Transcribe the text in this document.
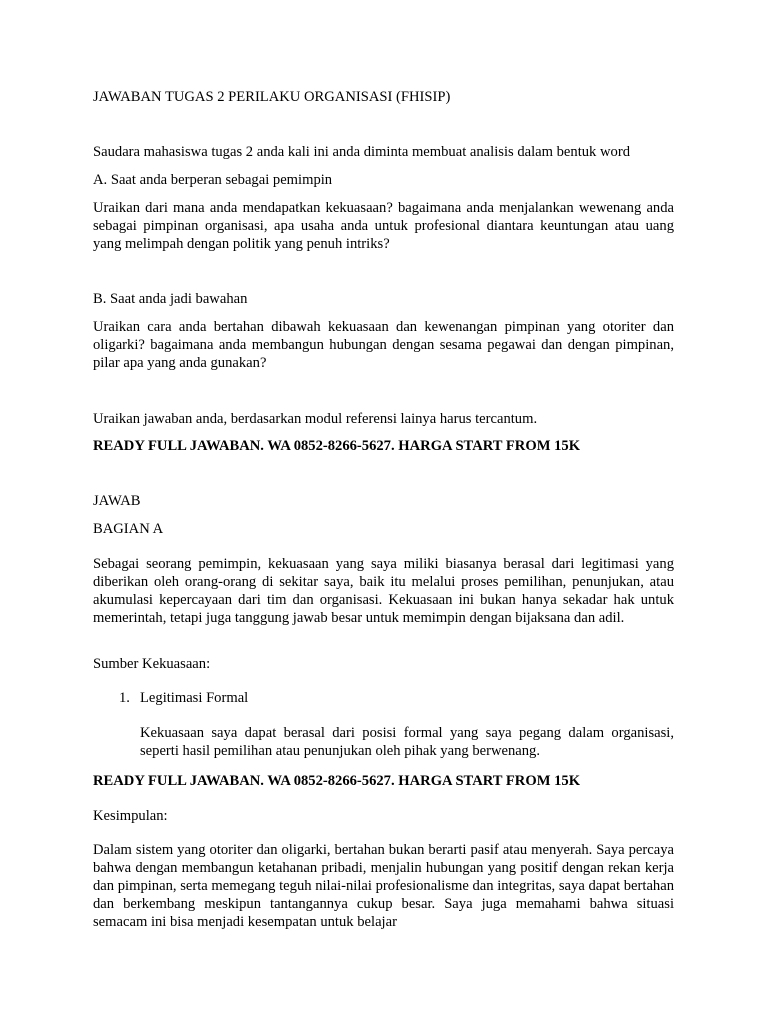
JAWABAN TUGAS 2 PERILAKU ORGANISASI (FHISIP)

Saudara mahasiswa tugas 2 anda kali ini anda diminta membuat analisis dalam bentuk word

A. Saat anda berperan sebagai pemimpin

Uraikan dari mana anda mendapatkan kekuasaan? bagaimana anda menjalankan wewenang anda sebagai pimpinan organisasi, apa usaha anda untuk profesional diantara keuntungan atau uang yang melimpah dengan politik yang penuh intriks?

B. Saat anda jadi bawahan

Uraikan cara anda bertahan dibawah kekuasaan dan kewenangan pimpinan yang otoriter dan oligarki? bagaimana anda membangun hubungan dengan sesama pegawai dan dengan pimpinan, pilar apa yang anda gunakan?

Uraikan jawaban anda, berdasarkan modul referensi lainya harus tercantum.

READY FULL JAWABAN. WA 0852-8266-5627. HARGA START FROM 15K

JAWAB

BAGIAN A

Sebagai seorang pemimpin, kekuasaan yang saya miliki biasanya berasal dari legitimasi yang diberikan oleh orang-orang di sekitar saya, baik itu melalui proses pemilihan, penunjukan, atau akumulasi kepercayaan dari tim dan organisasi. Kekuasaan ini bukan hanya sekadar hak untuk memerintah, tetapi juga tanggung jawab besar untuk memimpin dengan bijaksana dan adil.

Sumber Kekuasaan:

1. Legitimasi Formal

Kekuasaan saya dapat berasal dari posisi formal yang saya pegang dalam organisasi, seperti hasil pemilihan atau penunjukan oleh pihak yang berwenang.

READY FULL JAWABAN. WA 0852-8266-5627. HARGA START FROM 15K

Kesimpulan:

Dalam sistem yang otoriter dan oligarki, bertahan bukan berarti pasif atau menyerah. Saya percaya bahwa dengan membangun ketahanan pribadi, menjalin hubungan yang positif dengan rekan kerja dan pimpinan, serta memegang teguh nilai-nilai profesionalisme dan integritas, saya dapat bertahan dan berkembang meskipun tantangannya cukup besar. Saya juga memahami bahwa situasi semacam ini bisa menjadi kesempatan untuk belajar
